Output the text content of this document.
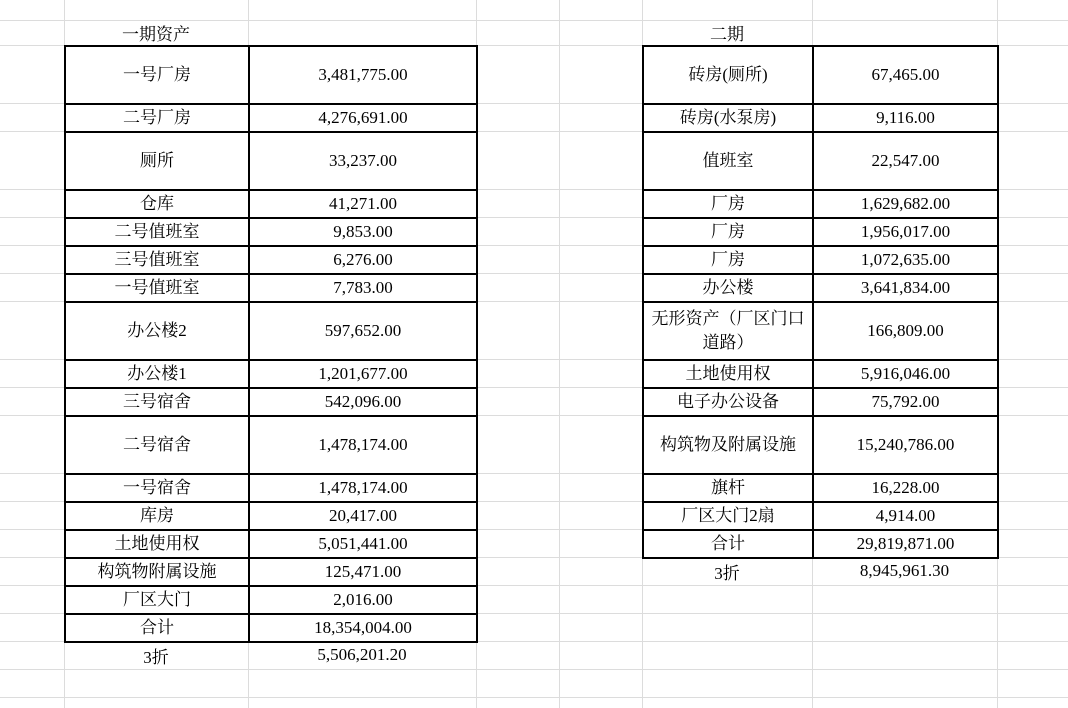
一期资产	二期
一号厂房	3,481,775.00
二号厂房	4,276,691.00
厕所	33,237.00
仓库	41,271.00
二号值班室	9,853.00
三号值班室	6,276.00
一号值班室	7,783.00
办公楼2	597,652.00
办公楼1	1,201,677.00
三号宿舍	542,096.00
二号宿舍	1,478,174.00
一号宿舍	1,478,174.00
库房	20,417.00
土地使用权	5,051,441.00
构筑物附属设施	125,471.00
厂区大门	2,016.00
合计	18,354,004.00
3折	5,506,201.20
砖房(厕所)	67,465.00
砖房(水泵房)	9,116.00
值班室	22,547.00
厂房	1,629,682.00
厂房	1,956,017.00
厂房	1,072,635.00
办公楼	3,641,834.00
无形资产（厂区门口道路）	166,809.00
土地使用权	5,916,046.00
电子办公设备	75,792.00
构筑物及附属设施	15,240,786.00
旗杆	16,228.00
厂区大门2扇	4,914.00
合计	29,819,871.00
3折	8,945,961.30
